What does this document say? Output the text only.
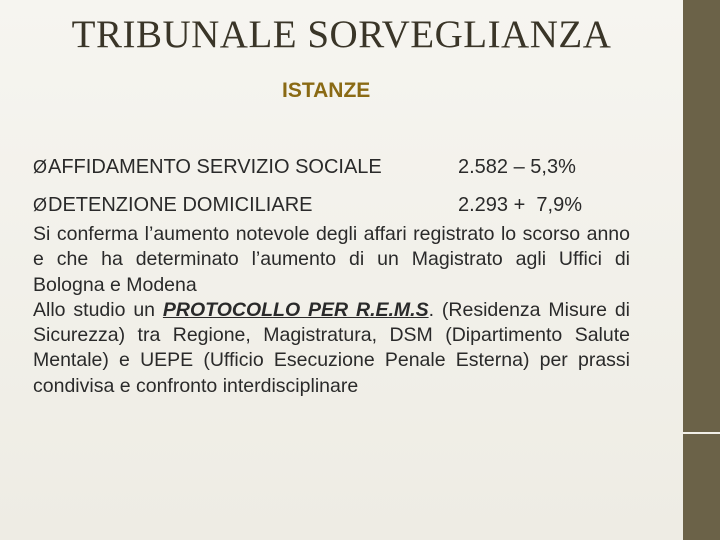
TRIBUNALE SORVEGLIANZA
ISTANZE
Ø AFFIDAMENTO SERVIZIO SOCIALE	2.582 – 5,3%
Ø DETENZIONE DOMICILIARE	2.293 +  7,9%

Si conferma l’aumento notevole degli affari registrato lo scorso anno e che ha determinato l’aumento di un Magistrato agli Uffici di Bologna e Modena

Allo studio un PROTOCOLLO PER R.E.M.S. (Residenza Misure di Sicurezza) tra Regione, Magistratura, DSM (Dipartimento Salute Mentale) e UEPE (Ufficio Esecuzione Penale Esterna) per prassi condivisa e confronto interdisciplinare
